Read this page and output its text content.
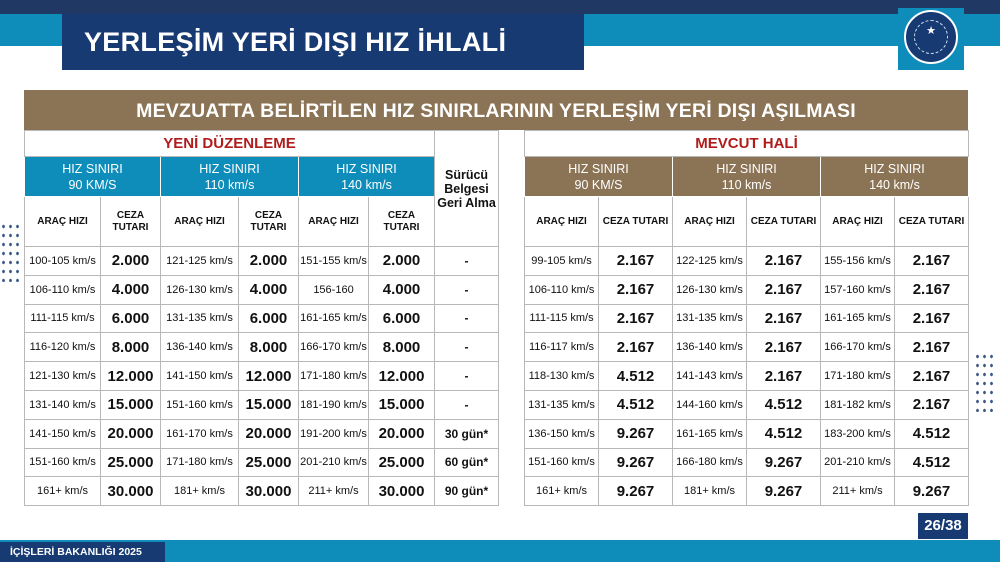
YERLEŞİM YERİ DIŞI HIZ İHLALİ	★
MEVZUATTA BELİRTİLEN HIZ SINIRLARININ YERLEŞİM YERİ DIŞI AŞILMASI
YENİ DÜZENLEME						Sürücü Belgesi Geri Alma
HIZ SINIRI
90 KM/S		HIZ SINIRI
110 km/s		HIZ SINIRI
140 km/s		
ARAÇ HIZI	CEZA TUTARI	ARAÇ HIZI	CEZA TUTARI	ARAÇ HIZI	CEZA TUTARI	
100-105 km/s	2.000	121-125 km/s	2.000	151-155 km/s	2.000	-
106-110 km/s	4.000	126-130 km/s	4.000	156-160	4.000	-
111-115 km/s	6.000	131-135 km/s	6.000	161-165 km/s	6.000	-
116-120 km/s	8.000	136-140 km/s	8.000	166-170 km/s	8.000	-
121-130 km/s	12.000	141-150 km/s	12.000	171-180 km/s	12.000	-
131-140 km/s	15.000	151-160 km/s	15.000	181-190 km/s	15.000	-
141-150 km/s	20.000	161-170 km/s	20.000	191-200 km/s	20.000	30 gün*
151-160 km/s	25.000	171-180 km/s	25.000	201-210 km/s	25.000	60 gün*
161+ km/s	30.000	181+ km/s	30.000	211+ km/s	30.000	90 gün*
MEVCUT HALİ					
HIZ SINIRI
90 KM/S		HIZ SINIRI
110 km/s		HIZ SINIRI
140 km/s	
ARAÇ HIZI	CEZA TUTARI	ARAÇ HIZI	CEZA TUTARI	ARAÇ HIZI	CEZA TUTARI
99-105 km/s	2.167	122-125 km/s	2.167	155-156 km/s	2.167
106-110 km/s	2.167	126-130 km/s	2.167	157-160 km/s	2.167
111-115 km/s	2.167	131-135 km/s	2.167	161-165 km/s	2.167
116-117 km/s	2.167	136-140 km/s	2.167	166-170 km/s	2.167
118-130 km/s	4.512	141-143 km/s	2.167	171-180 km/s	2.167
131-135 km/s	4.512	144-160 km/s	4.512	181-182 km/s	2.167
136-150 km/s	9.267	161-165 km/s	4.512	183-200 km/s	4.512
151-160 km/s	9.267	166-180 km/s	9.267	201-210 km/s	4.512
161+ km/s	9.267	181+ km/s	9.267	211+ km/s	9.267
26/38
İÇİŞLERİ BAKANLIĞI 2025
